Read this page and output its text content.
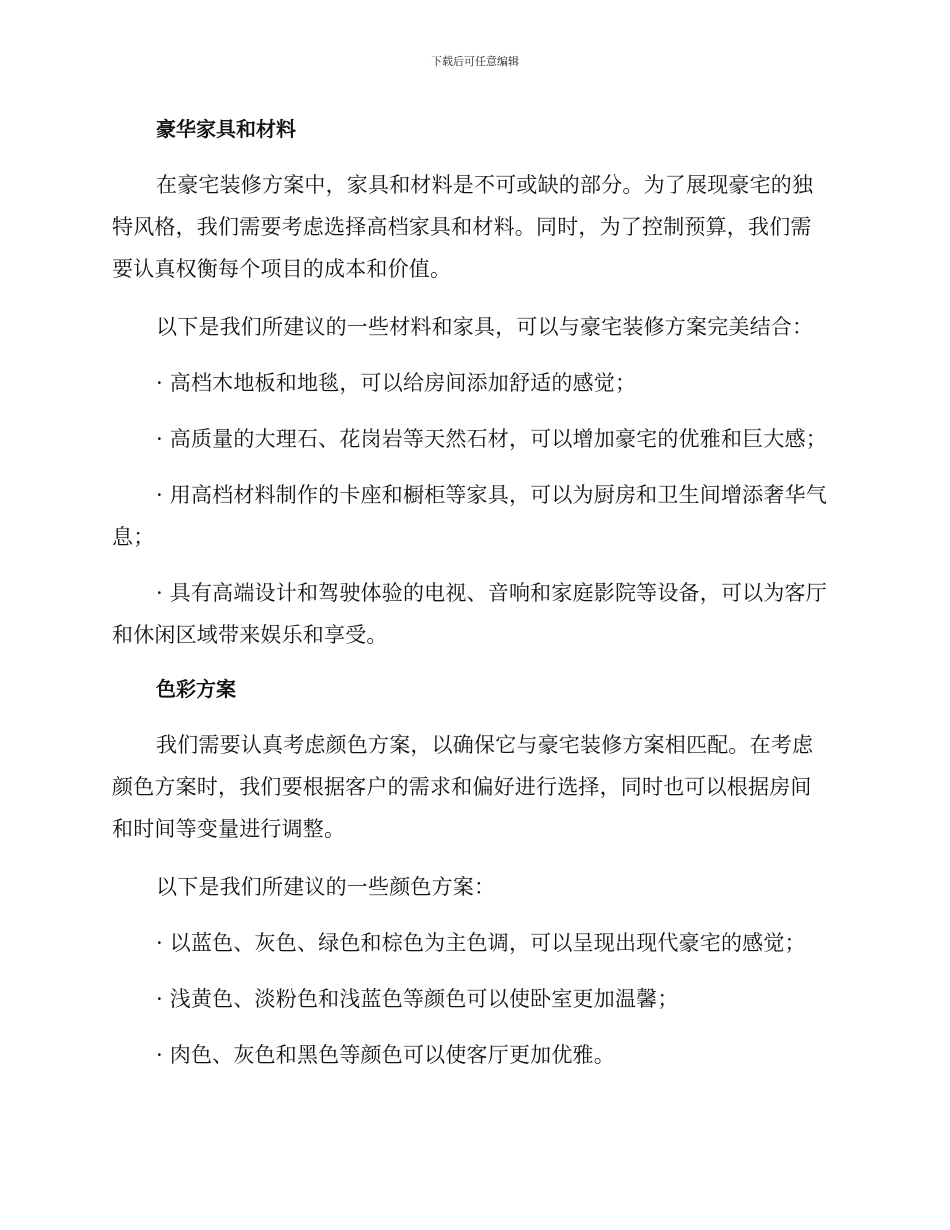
下载后可任意编辑
豪华家具和材料

在豪宅装修方案中，家具和材料是不可或缺的部分。为了展现豪宅的独特风格，我们需要考虑选择高档家具和材料。同时，为了控制预算，我们需要认真权衡每个项目的成本和价值。

以下是我们所建议的一些材料和家具，可以与豪宅装修方案完美结合：

· 高档木地板和地毯，可以给房间添加舒适的感觉；

· 高质量的大理石、花岗岩等天然石材，可以增加豪宅的优雅和巨大感；

· 用高档材料制作的卡座和橱柜等家具，可以为厨房和卫生间增添奢华气息；

· 具有高端设计和驾驶体验的电视、音响和家庭影院等设备，可以为客厅和休闲区域带来娱乐和享受。

色彩方案

我们需要认真考虑颜色方案，以确保它与豪宅装修方案相匹配。在考虑颜色方案时，我们要根据客户的需求和偏好进行选择，同时也可以根据房间和时间等变量进行调整。

以下是我们所建议的一些颜色方案：

· 以蓝色、灰色、绿色和棕色为主色调，可以呈现出现代豪宅的感觉；

· 浅黄色、淡粉色和浅蓝色等颜色可以使卧室更加温馨；

· 肉色、灰色和黑色等颜色可以使客厅更加优雅。
